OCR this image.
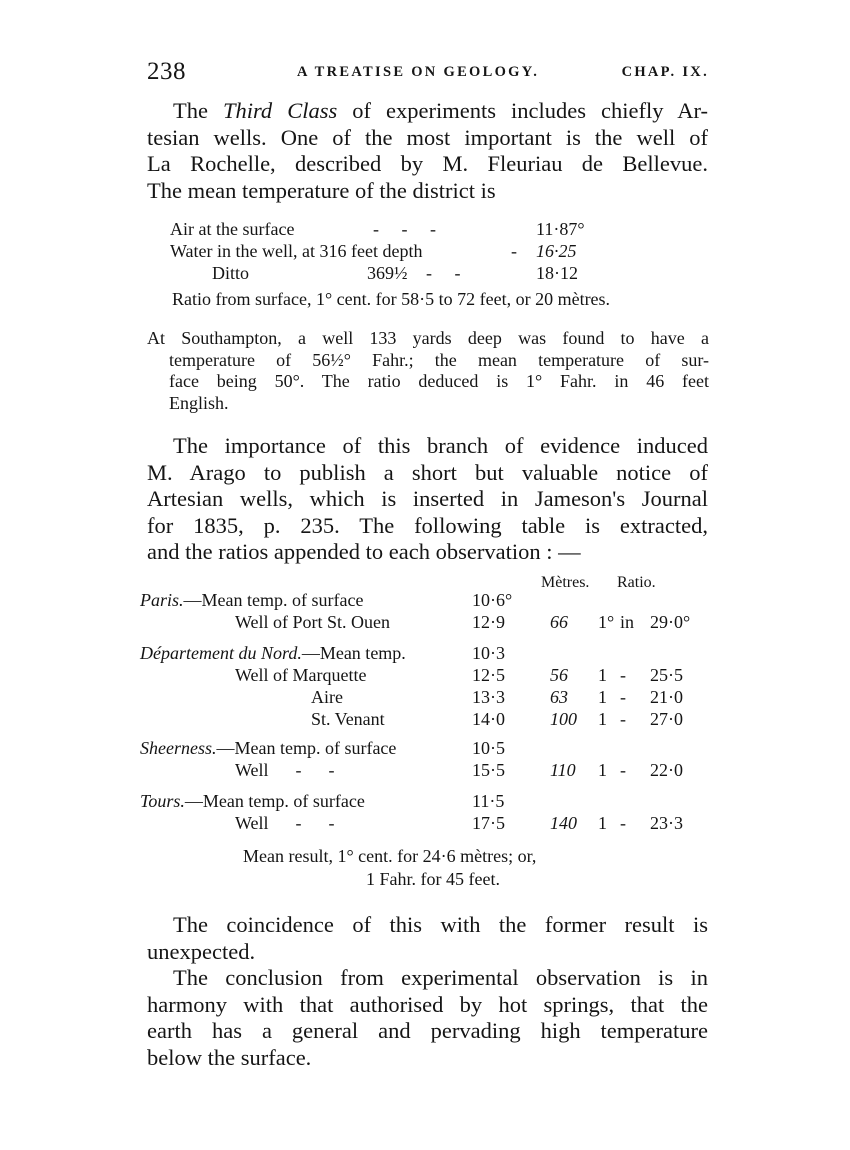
238	A TREATISE ON GEOLOGY.	CHAP. IX.
The Third Class of experiments includes chiefly Ar-
tesian wells. One of the most important is the well of
La Rochelle, described by M. Fleuriau de Bellevue.
The mean temperature of the district is
Air at the surface	-     -     -	11·87°
Water in the well, at 316 feet depth	- 16·25
Ditto	369½ -     -	18·12
Ratio from surface, 1° cent. for 58·5 to 72 feet, or 20 mètres.
At Southampton, a well 133 yards deep was found to have a
temperature of 56½° Fahr.; the mean temperature of sur-
face being 50°. The ratio deduced is 1° Fahr. in 46 feet
English.
The importance of this branch of evidence induced
M. Arago to publish a short but valuable notice of
Artesian wells, which is inserted in Jameson's Journal
for 1835, p. 235. The following table is extracted,
and the ratios appended to each observation : —
Mètres. Ratio.
Paris.—Mean temp. of surface	10·6°
Well of Port St. Ouen	12·9	66 1° in 29·0°
Département du Nord.—Mean temp.	10·3
Well of Marquette	12·5	56 1 - 25·5
Aire	13·3	63 1 - 21·0
St. Venant	14·0	100 1 - 27·0
Sheerness.—Mean temp. of surface	10·5
Well      -      -	15·5	110 1 - 22·0
Tours.—Mean temp. of surface	11·5
Well      -      -	17·5	140 1 - 23·3
Mean result, 1° cent. for 24·6 mètres; or,
1 Fahr. for 45 feet.
The coincidence of this with the former result is
unexpected.
The conclusion from experimental observation is in
harmony with that authorised by hot springs, that the
earth has a general and pervading high temperature
below the surface.
